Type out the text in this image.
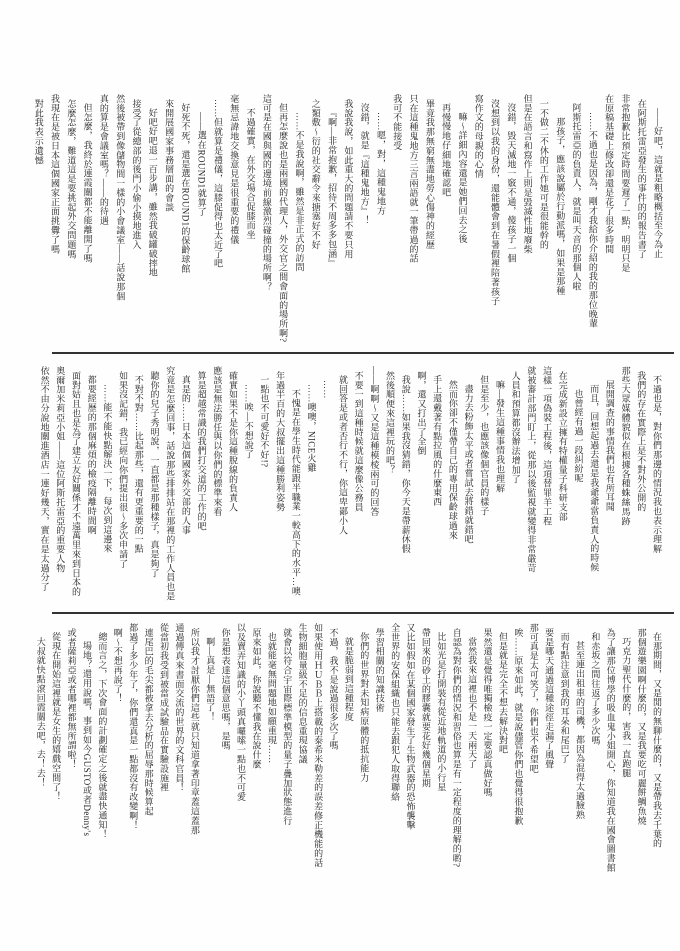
——好吧，這就是粗略概括至今為止
在阿斯托雷亞發生的事件的的報告書了
非常抱歉比預定時間要遲了一點，明明只是
在原稿基礎上修改卻還是花了很多時間
……不過也是因為，剛才我給你介紹的我的那位晚輩
阿斯托雷亞的負責人，就是叫天音的那個人啦
那孩子，應該說屬於行動派嗎，如果是那種
一不做二不休的工作她可是很能幹的
但是在語言和寫作上則是毀滅性地廢柴
沒錯，毀天滅地一竅不通，傻孩子一個
沒想到以我的身份，還能體會到在暑假裡陪著孩子
寫作文的母親的心情
嘛～詳細內容還是她們回去之後
再慢慢地仔細地確認吧
畢竟我那無窮無盡地勞心傷神的經歷
只在這種鬼地方三言兩語就一筆帶過的話
我可不能接受
……嗯，對，這種鬼地方
沒錯，就是『這種鬼地方』！
我說我說，如此重大的問題請不要只用
『啊—非常抱歉，招待不周多多包涵』
之類敷～衍的社交辭令來搪塞好不好
……不是我說啊，雖然是非正式的訪問
但再怎麼說也是兩國的代理人，外交官之間會面的場所啊?
這可是在國與國的邊境前線激烈碰撞的場所啊？
不過確實，在外交場合促膝而坐
毫無忌諱地交換意見是很重要的禮儀
……但就算是禮儀，這膝促得也太近了吧
——選在ROUND1就算了
好死不死，還是選在ROUND1的保齡球館
來開展國家事務層面的會談
好吧好吧退一百步講，雖然我破罐破摔地
接受了從總部的後門小偷小摸地進入
然後被帶到像儲物間一樣的小會議室——話說那個
真的算是會議室嗎？——的待遇
但怎麼，我終於連霞關都不能離開了嗎
怎麼怎麼，難道這是要挑起外交問題嗎
我現在是被日本這個國家正面挑釁了嗎
對此我表示遺憾
不過也是，對你們那邊的情況我也表示理解
我們的存在實際上是不對外公開的
那些大眾媒體貌似在根據各種蛛絲馬跡
展開調查的事情我們也有所耳聞
而且，回想起過去還是我爺爺當負責人的時候
也曾經有過一段糾紛呢
在完成新設立擁有特權量子科研支部
這樣一項偽裝工程後，這項替罪羊工程
就被審計部門盯上，從那以後監視就變得非常嚴苛
人員和預算都沒辦法增加了
嘛—發生這種事情我也理解
但是至少，也應該像個官員的樣子
盡力去粉飾太平或者嘗試去將錯就錯吧
然而你卻不僅帶自己的專用保齡球過來
手上還戴著有點拉風的什麼東西
啊，還又打出了全倒
我說……如果我沒猜錯，你今天是帶薪休假
然後順便來這裡玩的吧？
——啊啊～又是這種模棱兩可的回答
不要一到這種時候就這麼像公務員
就回答是或者否行不行，你這卑鄙小人
……
……噢噢，NICE火雞
不愧是在學生時代能跟半職業一較高下的水平…噢
年過半百的大叔擺出這種勝利姿勢
一點也不可愛好不好!?
……唉—不想說了
確實如果不是你這種脫線的負責人
應該是無法勝任與以你們的標準來看
算是超越常識的我們打交道的工作的吧
真是的……日本這個國家外交部的人事
究竟是怎麼回事，話說那些排排站在那裡的工作人員也是
聽你的兒子秀明說，一直都是那種樣子，真是夠了
不對不對……比起那些，還有更重要的一點
如果沒記錯，我已經向你們提出很～多次申請了
……能不能快點解決一下，每次到這邊來
都要經歷的那個麻煩的檢疫隔離時間啊
面對姑且也是為了建立友好關係才不遠萬里來到日本的
奧爾加米莉亞小姐——這位阿斯托雷亞的重要人物
依然不由分說地關進酒店一連好幾天，實在是太過分了
在那期間，又是閒的無聊什麼的，又是帶我去千葉的
那個遊樂園啊什麼的，又是我要吃可麗餅鯛魚燒
巧克力聖代什麼的，害我一直跑腿
為了讓那位博學的吸血鬼小姐開心，你知道我在國會圖書館
和赤坂之間往返了多少次嗎
甚至連出租車的司機，都因為混得太過臉熟
而有點注意到我的耳朵和尾巴了
要是哪天通過這種途徑走漏了風聲
那可真是太可笑了，你們也不希望吧
唉……原來如此，就是說儘管你們也覺得很抱歉
但是就是完全不想去解決對吧
果然還是覺得唯獨檢疫一定要認真做好嗎
當然我來這裡也不是一天兩天了
自認為對你們的情況和習俗也算是有一定程度的理解的喲?
比如光是打開裝有從近地軌道的小行星
帶回來的砂土的膠囊就要花好幾個星期
又比如假如在某個國家發生了生物武器的恐怖襲擊
全世界的安保組織也只能去跟犯人取得聯絡
學習相關的知識技術
你們的世界對未知病原體的抵抗能力
就是脆弱到這種程度
不過，我不是說過很多次了嗎
如果使用ＨＵＢＢ上搭載的泰希米勒差的誤差修正機能的話
生物細胞量級不足的信息重現協議
就會以符合宇宙際標準模型的量子疊加狀態進行
也就能毫無問題地如願重現……
原來如此，你說聽不懂我在說什麼
以及賣弄知識的小丫頭真囉嗦一點也不可愛
你是想表達這個意思嗎，是嗎
啊—真是—無語了！
所以我才討厭你們這些就只知道拿著印章蓋這蓋那
通過傳真來書面交流的世界的文科官員！
從當初我受到被當成試驗品在實驗設施裡
連尾巴的毛尖都被拿去分析的屈辱那時候算起
都過了多少年了，你們還真是一點都沒有改變啊！
啊～不想再說了！
總而言之，下次會面的計劃確定之後就盡快通知！
場地？還用說嗎，事到如今GUSTO或者Denny's
或者薩莉亞或者哪裡都無所謂啦！
從現在開始這裡就是女生的嬉戲空間了！
大叔就快點滾回霞關去吧，去！去！
